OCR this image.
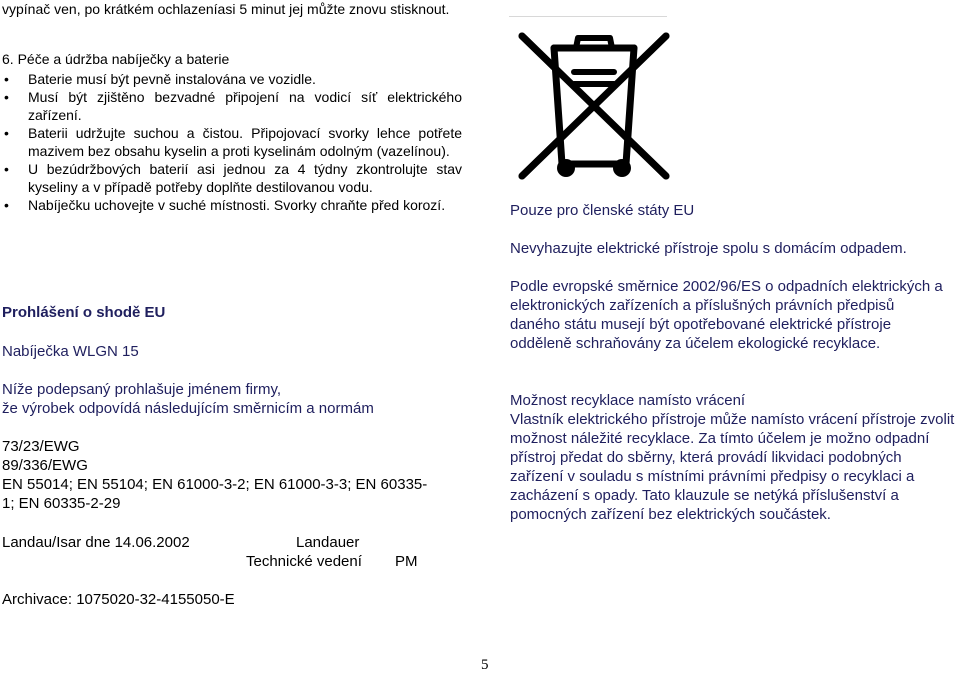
vypínač ven, po krátkém ochlazeníasi 5 minut jej můžte znovu stisknout.
6. Péče a údržba nabíječky a baterie
• Baterie musí být pevně instalována ve vozidle.
• Musí být zjištěno bezvadné připojení na vodicí síť elektrického zařízení.
• Baterii udržujte suchou a čistou. Připojovací svorky lehce potřete mazivem bez obsahu kyselin a proti kyselinám odolným (vazelínou).
• U bezúdržbových baterií asi jednou za 4 týdny zkontrolujte stav kyseliny a v případě potřeby doplňte destilovanou vodu.
• Nabíječku uchovejte v suché místnosti. Svorky chraňte před korozí.
Prohlášení o shodě EU
Nabíječka WLGN 15
Níže podepsaný prohlašuje jménem firmy,
že výrobek odpovídá následujícím směrnicím a normám
73/23/EWG
89/336/EWG
EN 55014; EN 55104; EN 61000-3-2; EN 61000-3-3; EN 60335-1; EN 60335-2-29
Landau/Isar dne 14.06.2002	Landauer
Technické vedení PM
Archivace: 1075020-32-4155050-E
Pouze pro členské státy EU
Nevyhazujte elektrické přístroje spolu s domácím odpadem.
Podle evropské směrnice 2002/96/ES o odpadních elektrických a elektronických zařízeních a příslušných právních předpisů daného státu musejí být opotřebované elektrické přístroje odděleně schraňovány za účelem ekologické recyklace.
Možnost recyklace namísto vrácení
Vlastník elektrického přístroje může namísto vrácení přístroje zvolit možnost náležité recyklace. Za tímto účelem je možno odpadní přístroj předat do sběrny, která provádí likvidaci podobných zařízení v souladu s místními právními předpisy o recyklaci a zacházení s opady. Tato klauzule se netýká příslušenství a pomocných zařízení bez elektrických součástek.
5
